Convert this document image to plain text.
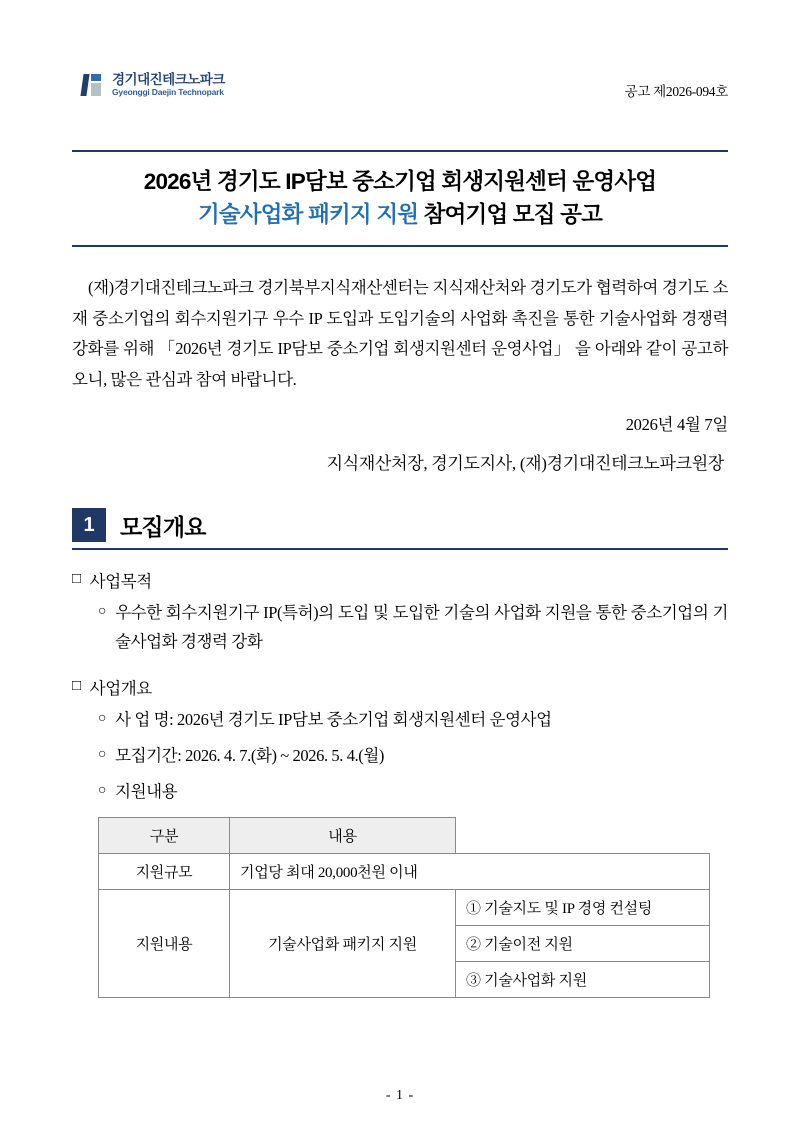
경기대진테크노파크
Gyeonggi Daejin Technopark	공고 제2026-094호
2026년 경기도 IP담보 중소기업 회생지원센터 운영사업
기술사업화 패키지 지원 참여기업 모집 공고
(재)경기대진테크노파크 경기북부지식재산센터는 지식재산처와 경기도가 협력하여 경기도 소재 중소기업의 회수지원기구 우수 IP 도입과 도입기술의 사업화 촉진을 통한 기술사업화 경쟁력 강화를 위해 「2026년 경기도 IP담보 중소기업 회생지원센터 운영사업」 을 아래와 같이 공고하오니, 많은 관심과 참여 바랍니다.
2026년 4월 7일
지식재산처장, 경기도지사, (재)경기대진테크노파크원장
1	모집개요
□ 사업목적
○ 우수한 회수지원기구 IP(특허)의 도입 및 도입한 기술의 사업화 지원을 통한 중소기업의 기술사업화 경쟁력 강화
□ 사업개요
○ 사 업 명: 2026년 경기도 IP담보 중소기업 회생지원센터 운영사업
○ 모집기간: 2026. 4. 7.(화) ~ 2026. 5. 4.(월)
○ 지원내용
구분	내용	
지원규모	기업당 최대 20,000천원 이내	
지원내용	기술사업화 패키지 지원	① 기술지도 및 IP 경영 컨설팅
		② 기술이전 지원
		③ 기술사업화 지원
- 1 -
